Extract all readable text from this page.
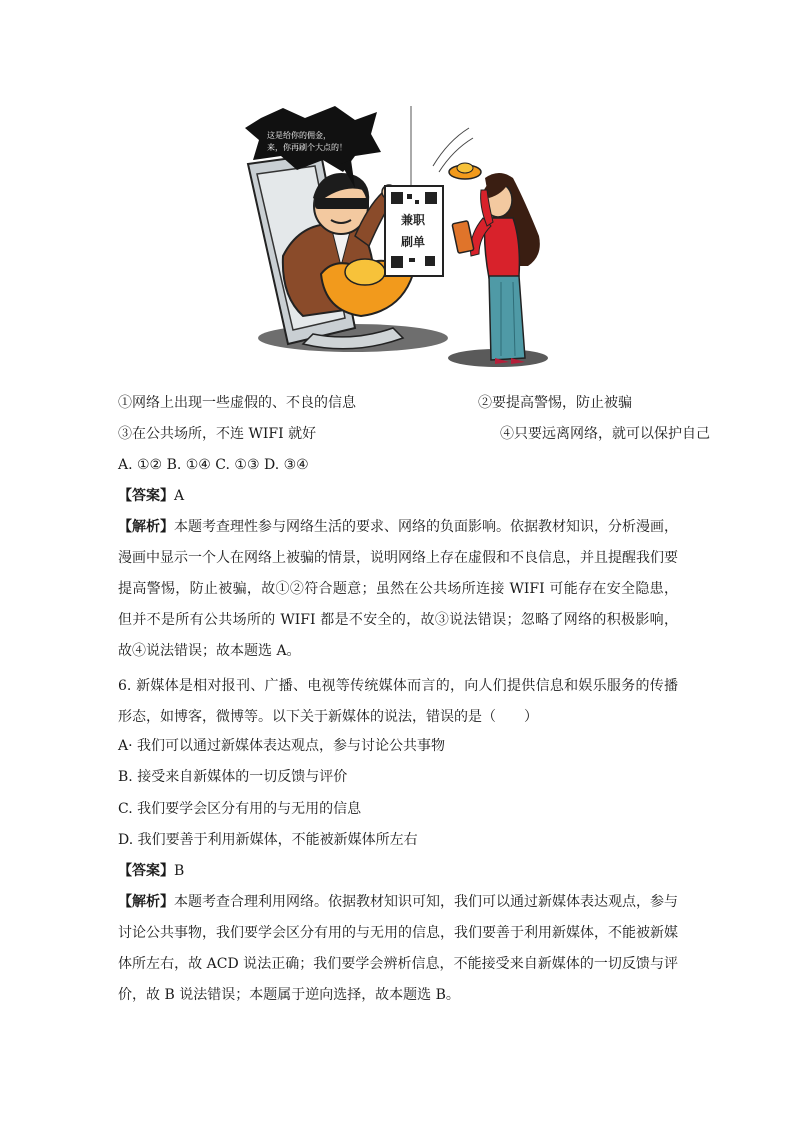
这是给你的佣金，
来，你再刷个大点的！
兼职
刷单
①网络上出现一些虚假的、不良的信息	②要提高警惕，防止被骗
③在公共场所，不连 WIFI 就好	④只要远离网络，就可以保护自己
A. ①② B. ①④ C. ①③ D. ③④
【答案】A
【解析】本题考查理性参与网络生活的要求、网络的负面影响。依据教材知识，分析漫画，漫画中显示一个人在网络上被骗的情景，说明网络上存在虚假和不良信息，并且提醒我们要提高警惕，防止被骗，故①②符合题意；虽然在公共场所连接 WIFI 可能存在安全隐患，但并不是所有公共场所的 WIFI 都是不安全的，故③说法错误；忽略了网络的积极影响，故④说法错误；故本题选 A。
6. 新媒体是相对报刊、广播、电视等传统媒体而言的，向人们提供信息和娱乐服务的传播形态，如博客，微博等。以下关于新媒体的说法，错误的是（　　）
A· 我们可以通过新媒体表达观点，参与讨论公共事物
B. 接受来自新媒体的一切反馈与评价
C. 我们要学会区分有用的与无用的信息
D. 我们要善于利用新媒体，不能被新媒体所左右
【答案】B
【解析】本题考查合理利用网络。依据教材知识可知，我们可以通过新媒体表达观点，参与讨论公共事物，我们要学会区分有用的与无用的信息，我们要善于利用新媒体，不能被新媒体所左右，故 ACD 说法正确；我们要学会辨析信息，不能接受来自新媒体的一切反馈与评价，故 B 说法错误；本题属于逆向选择，故本题选 B。
